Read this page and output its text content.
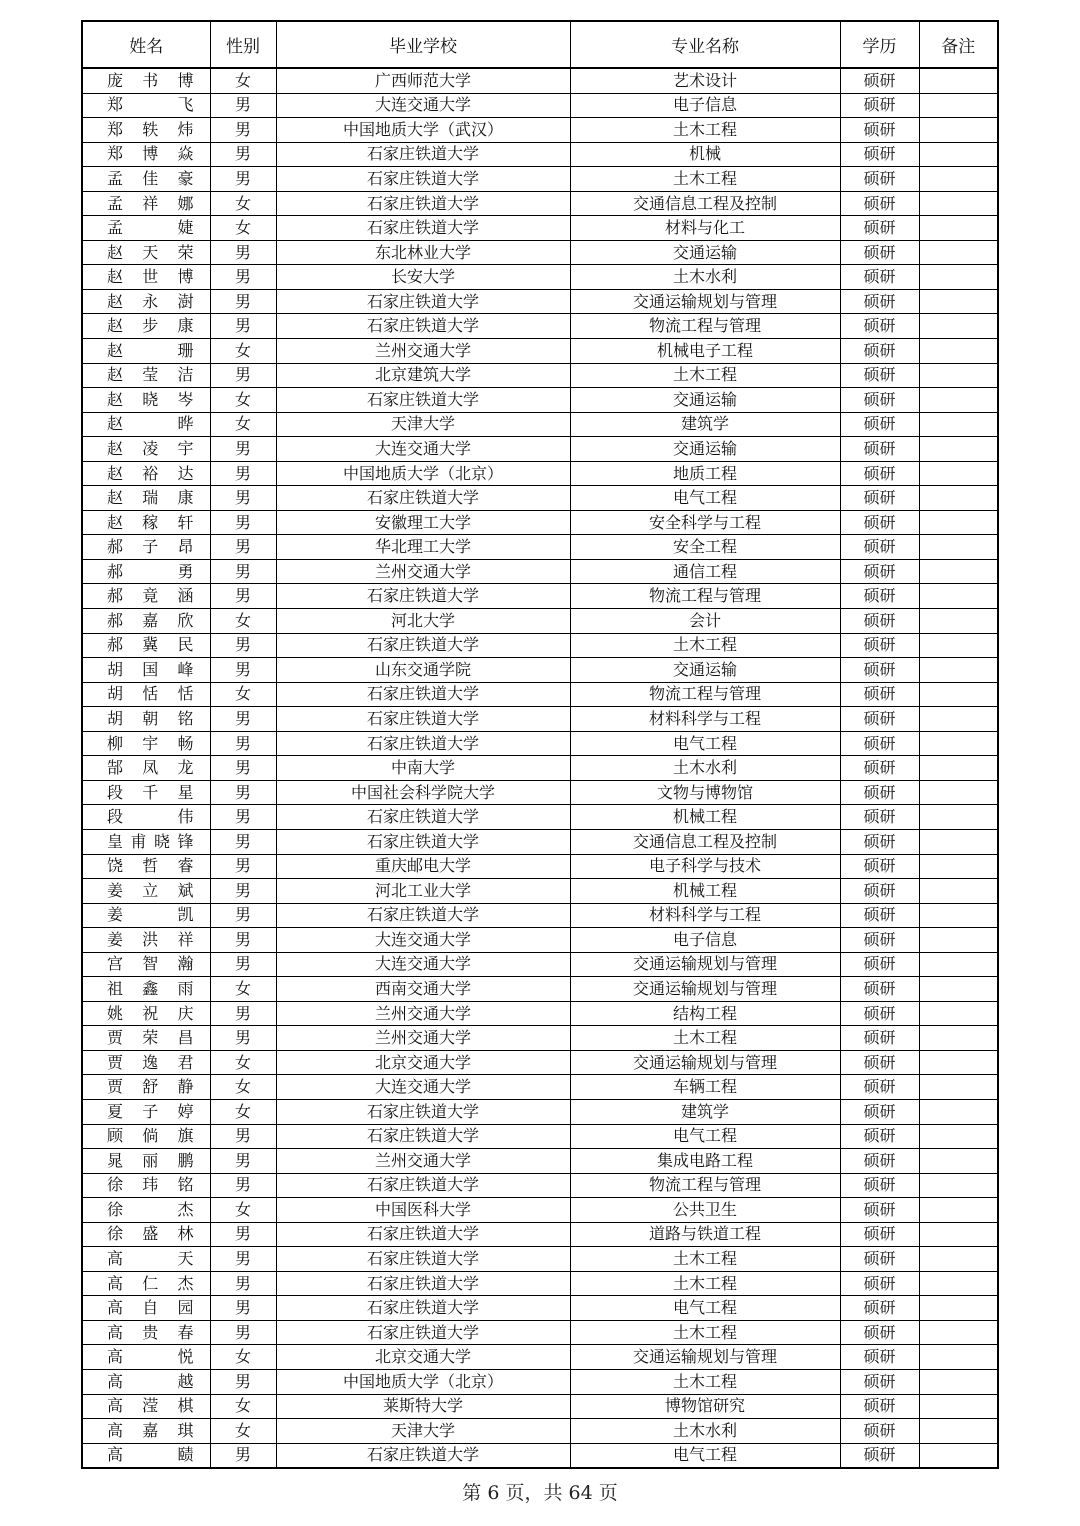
姓名	性别	毕业学校	专业名称	学历	备注

庞 书 博	女	广西师范大学	艺术设计	硕研	

郑 飞	男	大连交通大学	电子信息	硕研	

郑 轶 炜	男	中国地质大学（武汉）	土木工程	硕研	

郑 博 焱	男	石家庄铁道大学	机械	硕研	

孟 佳 豪	男	石家庄铁道大学	土木工程	硕研	

孟 祥 娜	女	石家庄铁道大学	交通信息工程及控制	硕研	

孟 婕	女	石家庄铁道大学	材料与化工	硕研	

赵 天 荣	男	东北林业大学	交通运输	硕研	

赵 世 博	男	长安大学	土木水利	硕研	

赵 永 澍	男	石家庄铁道大学	交通运输规划与管理	硕研	

赵 步 康	男	石家庄铁道大学	物流工程与管理	硕研	

赵 珊	女	兰州交通大学	机械电子工程	硕研	

赵 莹 洁	男	北京建筑大学	土木工程	硕研	

赵 晓 岑	女	石家庄铁道大学	交通运输	硕研	

赵 晔	女	天津大学	建筑学	硕研	

赵 凌 宇	男	大连交通大学	交通运输	硕研	

赵 裕 达	男	中国地质大学（北京）	地质工程	硕研	

赵 瑞 康	男	石家庄铁道大学	电气工程	硕研	

赵 稼 轩	男	安徽理工大学	安全科学与工程	硕研	

郝 子 昂	男	华北理工大学	安全工程	硕研	

郝 勇	男	兰州交通大学	通信工程	硕研	

郝 竟 涵	男	石家庄铁道大学	物流工程与管理	硕研	

郝 嘉 欣	女	河北大学	会计	硕研	

郝 冀 民	男	石家庄铁道大学	土木工程	硕研	

胡 国 峰	男	山东交通学院	交通运输	硕研	

胡 恬 恬	女	石家庄铁道大学	物流工程与管理	硕研	

胡 朝 铭	男	石家庄铁道大学	材料科学与工程	硕研	

柳 宇 畅	男	石家庄铁道大学	电气工程	硕研	

郜 凤 龙	男	中南大学	土木水利	硕研	

段 千 星	男	中国社会科学院大学	文物与博物馆	硕研	

段 伟	男	石家庄铁道大学	机械工程	硕研	

皇 甫 晓 锋	男	石家庄铁道大学	交通信息工程及控制	硕研	

饶 哲 睿	男	重庆邮电大学	电子科学与技术	硕研	

姜 立 斌	男	河北工业大学	机械工程	硕研	

姜 凯	男	石家庄铁道大学	材料科学与工程	硕研	

姜 洪 祥	男	大连交通大学	电子信息	硕研	

宫 智 瀚	男	大连交通大学	交通运输规划与管理	硕研	

祖 鑫 雨	女	西南交通大学	交通运输规划与管理	硕研	

姚 祝 庆	男	兰州交通大学	结构工程	硕研	

贾 荣 昌	男	兰州交通大学	土木工程	硕研	

贾 逸 君	女	北京交通大学	交通运输规划与管理	硕研	

贾 舒 静	女	大连交通大学	车辆工程	硕研	

夏 子 婷	女	石家庄铁道大学	建筑学	硕研	

顾 倘 旗	男	石家庄铁道大学	电气工程	硕研	

晁 丽 鹏	男	兰州交通大学	集成电路工程	硕研	

徐 玮 铭	男	石家庄铁道大学	物流工程与管理	硕研	

徐 杰	女	中国医科大学	公共卫生	硕研	

徐 盛 林	男	石家庄铁道大学	道路与铁道工程	硕研	

高 天	男	石家庄铁道大学	土木工程	硕研	

高 仁 杰	男	石家庄铁道大学	土木工程	硕研	

高 自 园	男	石家庄铁道大学	电气工程	硕研	

高 贵 春	男	石家庄铁道大学	土木工程	硕研	

高 悦	女	北京交通大学	交通运输规划与管理	硕研	

高 越	男	中国地质大学（北京）	土木工程	硕研	

高 滢 棋	女	莱斯特大学	博物馆研究	硕研	

高 嘉 琪	女	天津大学	土木水利	硕研	

高 赜	男	石家庄铁道大学	电气工程	硕研	
第 6 页，共 64 页
